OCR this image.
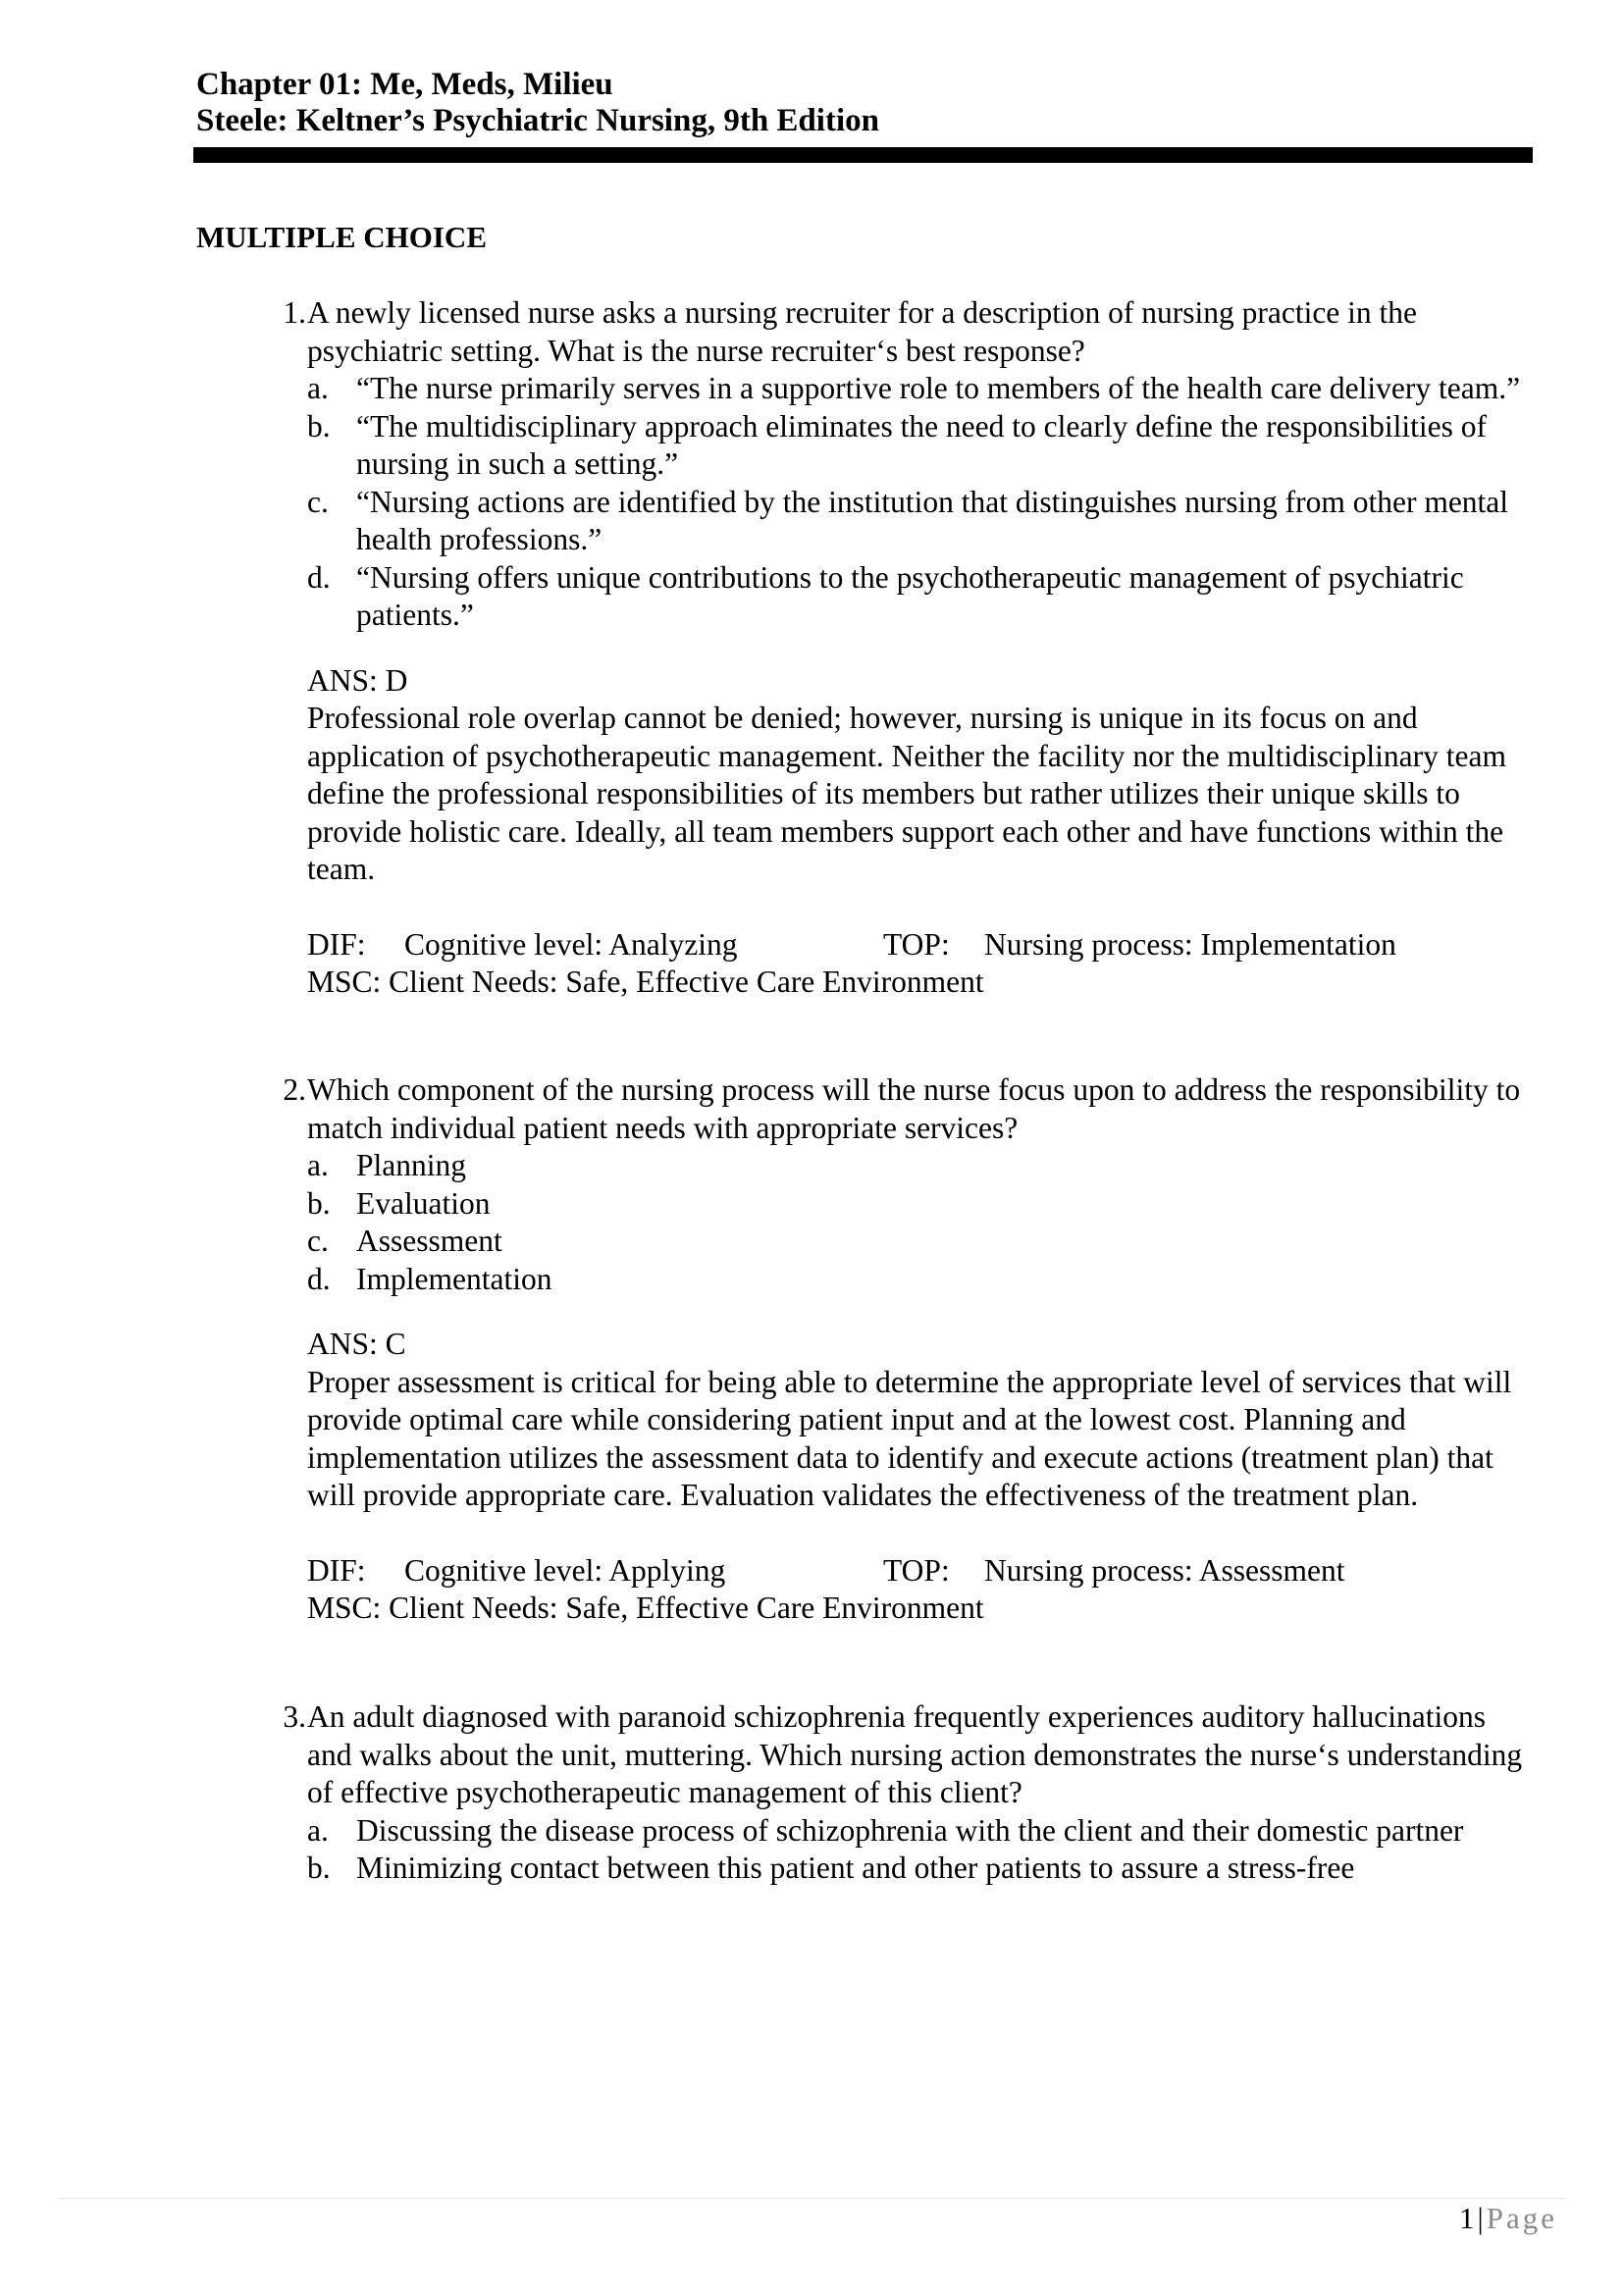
Chapter 01: Me, Meds, Milieu
Steele: Keltner’s Psychiatric Nursing, 9th Edition
MULTIPLE CHOICE
1. A newly licensed nurse asks a nursing recruiter for a description of nursing practice in the psychiatric setting. What is the nurse recruiter‘s best response?

a. “The nurse primarily serves in a supportive role to members of the health care delivery team.”
b. “The multidisciplinary approach eliminates the need to clearly define the responsibilities of nursing in such a setting.”
c. “Nursing actions are identified by the institution that distinguishes nursing from other mental health professions.”
d. “Nursing offers unique contributions to the psychotherapeutic management of psychiatric patients.”

ANS: D

Professional role overlap cannot be denied; however, nursing is unique in its focus on and application of psychotherapeutic management. Neither the facility nor the multidisciplinary team define the professional responsibilities of its members but rather utilizes their unique skills to provide holistic care. Ideally, all team members support each other and have functions within the team.

DIF: Cognitive level: Analyzing	TOP: Nursing process: Implementation
MSC: Client Needs: Safe, Effective Care Environment
2. Which component of the nursing process will the nurse focus upon to address the responsibility to match individual patient needs with appropriate services?

a. Planning
b. Evaluation
c. Assessment
d. Implementation

ANS: C

Proper assessment is critical for being able to determine the appropriate level of services that will provide optimal care while considering patient input and at the lowest cost. Planning and implementation utilizes the assessment data to identify and execute actions (treatment plan) that will provide appropriate care. Evaluation validates the effectiveness of the treatment plan.

DIF: Cognitive level: Applying	TOP: Nursing process: Assessment
MSC: Client Needs: Safe, Effective Care Environment
3. An adult diagnosed with paranoid schizophrenia frequently experiences auditory hallucinations and walks about the unit, muttering. Which nursing action demonstrates the nurse‘s understanding of effective psychotherapeutic management of this client?

a. Discussing the disease process of schizophrenia with the client and their domestic partner
b. Minimizing contact between this patient and other patients to assure a stress-free
1|Page
